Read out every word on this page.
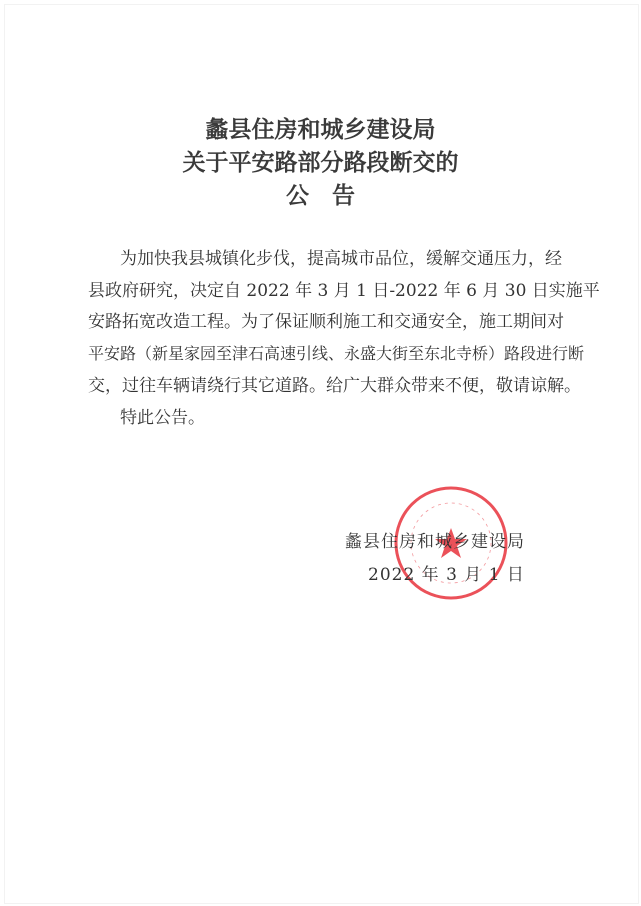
蠡县住房和城乡建设局
关于平安路部分路段断交的
公　告
为加快我县城镇化步伐，提高城市品位，缓解交通压力，经
县政府研究，决定自 2022 年 3 月 1 日-2022 年 6 月 30 日实施平
安路拓宽改造工程。为了保证顺利施工和交通安全，施工期间对
平安路（新星家园至津石高速引线、永盛大街至东北寺桥）路段进行断
交，过往车辆请绕行其它道路。给广大群众带来不便，敬请谅解。
特此公告。
蠡县住房和城乡建设局
2022 年 3 月 1 日
